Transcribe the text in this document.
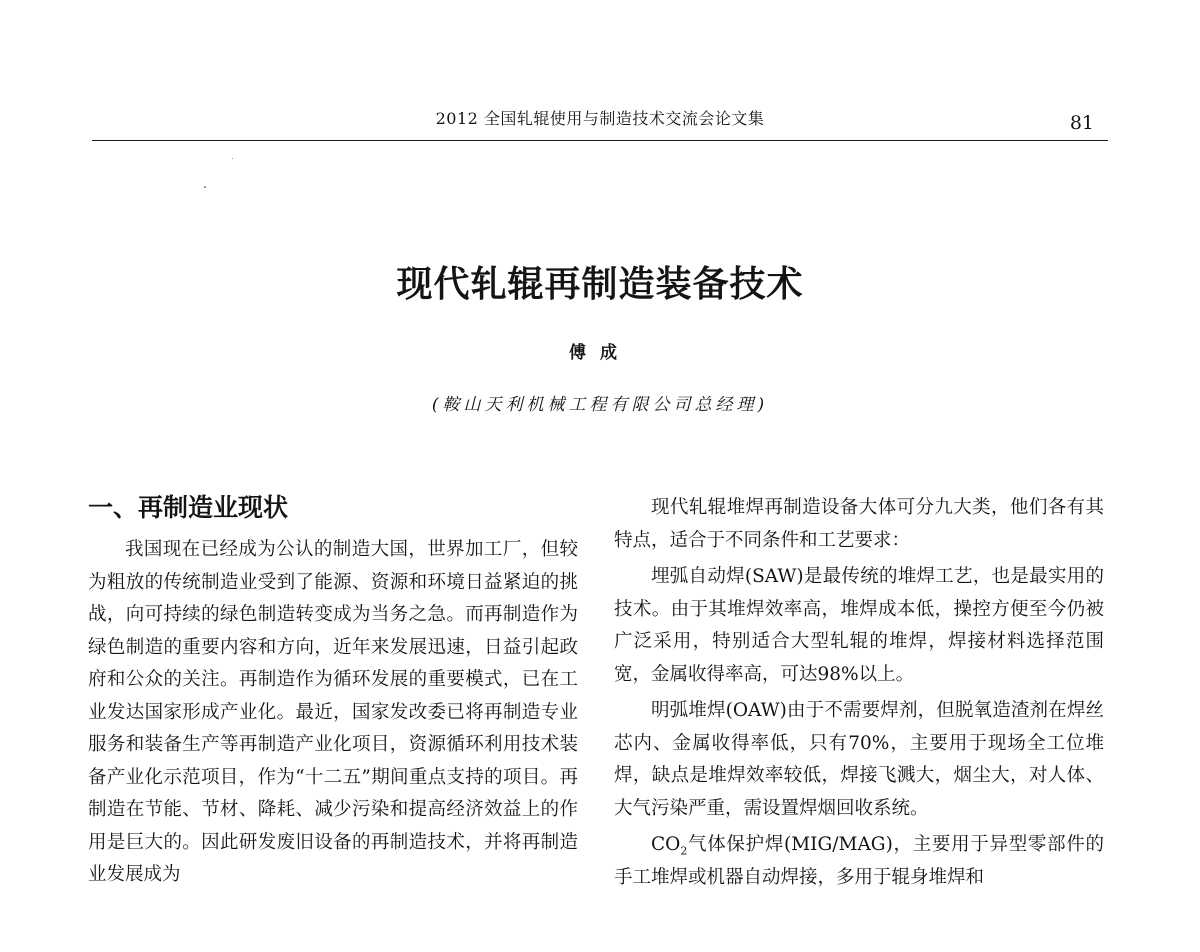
2012 全国轧辊使用与制造技术交流会论文集	81
现代轧辊再制造装备技术
傅成
(鞍山天利机械工程有限公司总经理)
一、再制造业现状

我国现在已经成为公认的制造大国，世界加工厂，但较为粗放的传统制造业受到了能源、资源和环境日益紧迫的挑战，向可持续的绿色制造转变成为当务之急。而再制造作为绿色制造的重要内容和方向，近年来发展迅速，日益引起政府和公众的关注。再制造作为循环发展的重要模式，已在工业发达国家形成产业化。最近，国家发改委已将再制造专业服务和装备生产等再制造产业化项目，资源循环利用技术装备产业化示范项目，作为“十二五”期间重点支持的项目。再制造在节能、节材、降耗、减少污染和提高经济效益上的作用是巨大的。因此研发废旧设备的再制造技术，并将再制造业发展成为

现代轧辊堆焊再制造设备大体可分九大类，他们各有其特点，适合于不同条件和工艺要求：

埋弧自动焊(SAW)是最传统的堆焊工艺，也是最实用的技术。由于其堆焊效率高，堆焊成本低，操控方便至今仍被广泛采用，特别适合大型轧辊的堆焊，焊接材料选择范围宽，金属收得率高，可达98%以上。

明弧堆焊(OAW)由于不需要焊剂，但脱氧造渣剂在焊丝芯内、金属收得率低，只有70%，主要用于现场全工位堆焊，缺点是堆焊效率较低，焊接飞溅大，烟尘大，对人体、大气污染严重，需设置焊烟回收系统。

$CO_2$气体保护焊(MIG/MAG)，主要用于异型零部件的手工堆焊或机器自动焊接，多用于辊身堆焊和
